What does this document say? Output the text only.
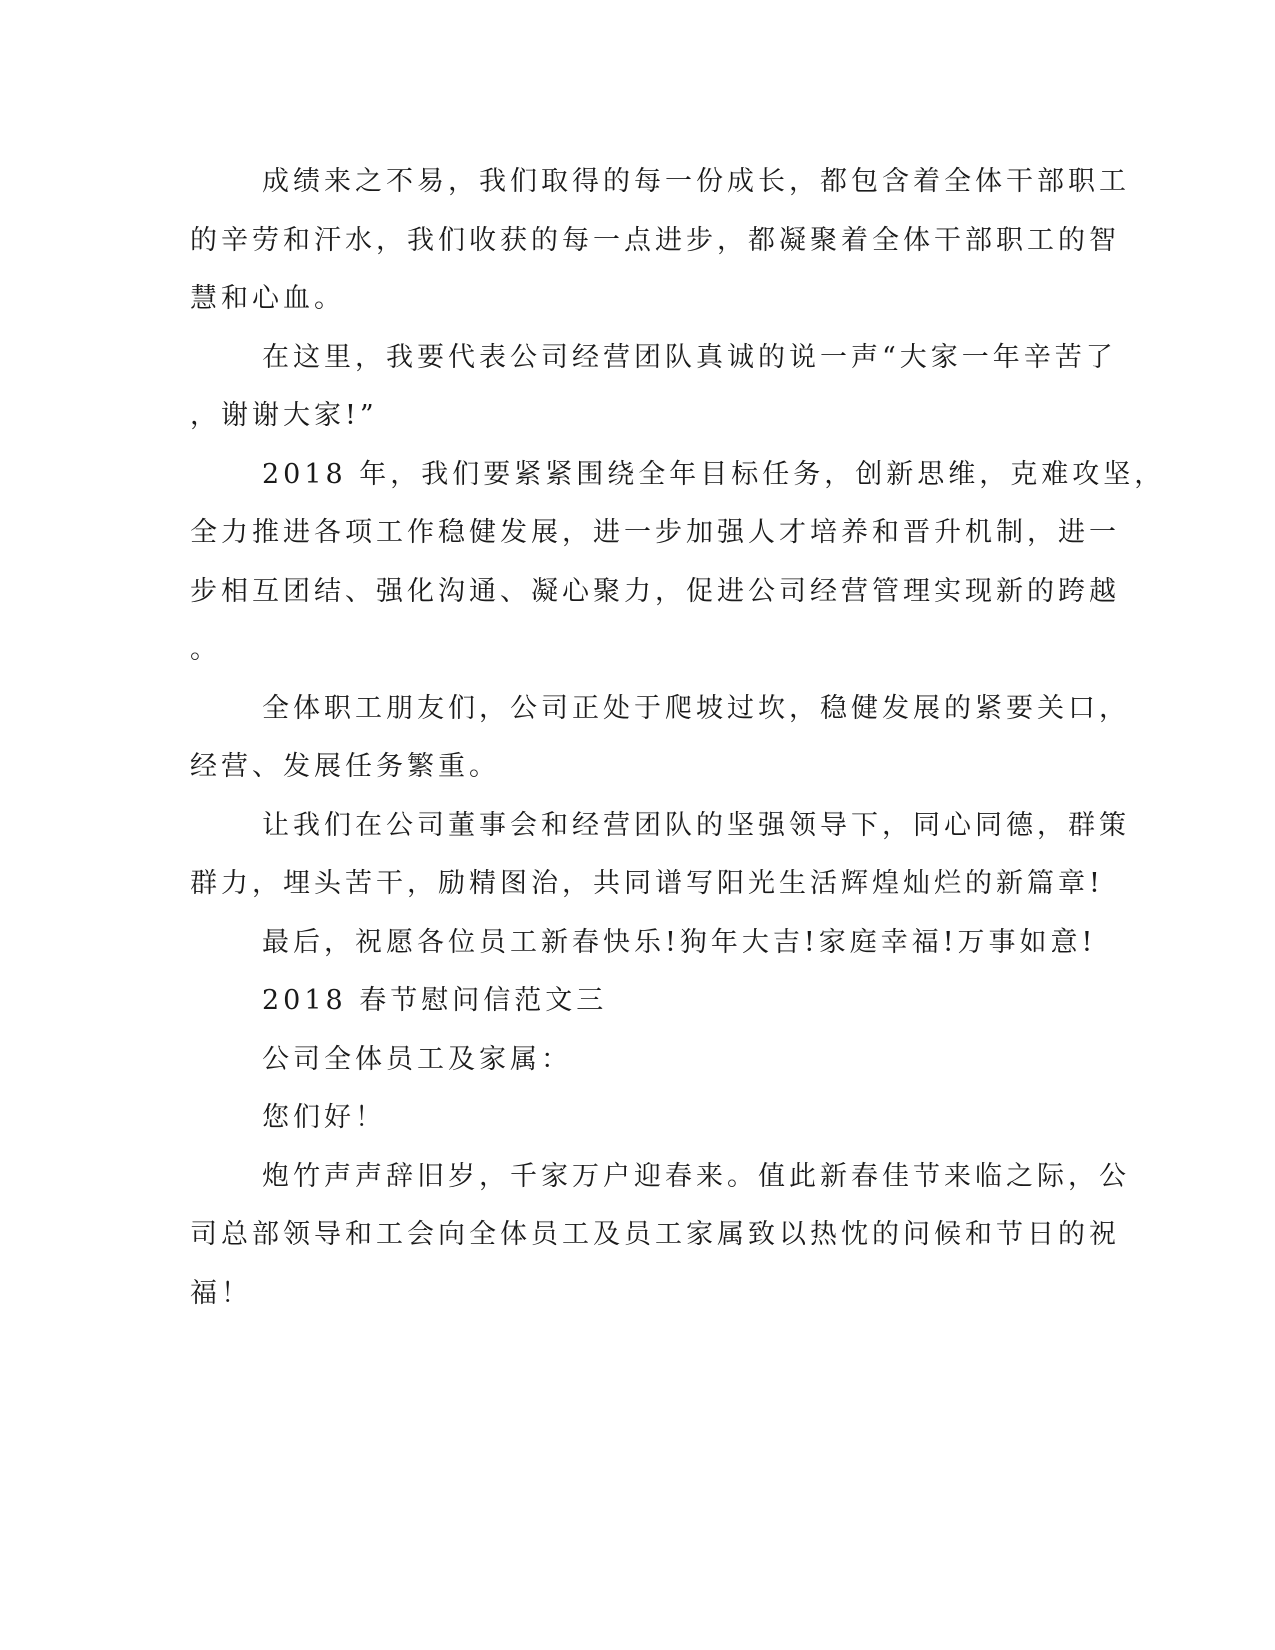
成绩来之不易，我们取得的每一份成长，都包含着全体干部职工
的辛劳和汗水，我们收获的每一点进步，都凝聚着全体干部职工的智
慧和心血。
在这里，我要代表公司经营团队真诚的说一声“大家一年辛苦了
，谢谢大家!”
2018 年，我们要紧紧围绕全年目标任务，创新思维，克难攻坚，
全力推进各项工作稳健发展，进一步加强人才培养和晋升机制，进一
步相互团结、强化沟通、凝心聚力，促进公司经营管理实现新的跨越
。
全体职工朋友们，公司正处于爬坡过坎，稳健发展的紧要关口，
经营、发展任务繁重。
让我们在公司董事会和经营团队的坚强领导下，同心同德，群策
群力，埋头苦干，励精图治，共同谱写阳光生活辉煌灿烂的新篇章!
最后，祝愿各位员工新春快乐!狗年大吉!家庭幸福!万事如意!
2018 春节慰问信范文三
公司全体员工及家属：
您们好！
炮竹声声辞旧岁，千家万户迎春来。值此新春佳节来临之际，公
司总部领导和工会向全体员工及员工家属致以热忱的问候和节日的祝
福！
